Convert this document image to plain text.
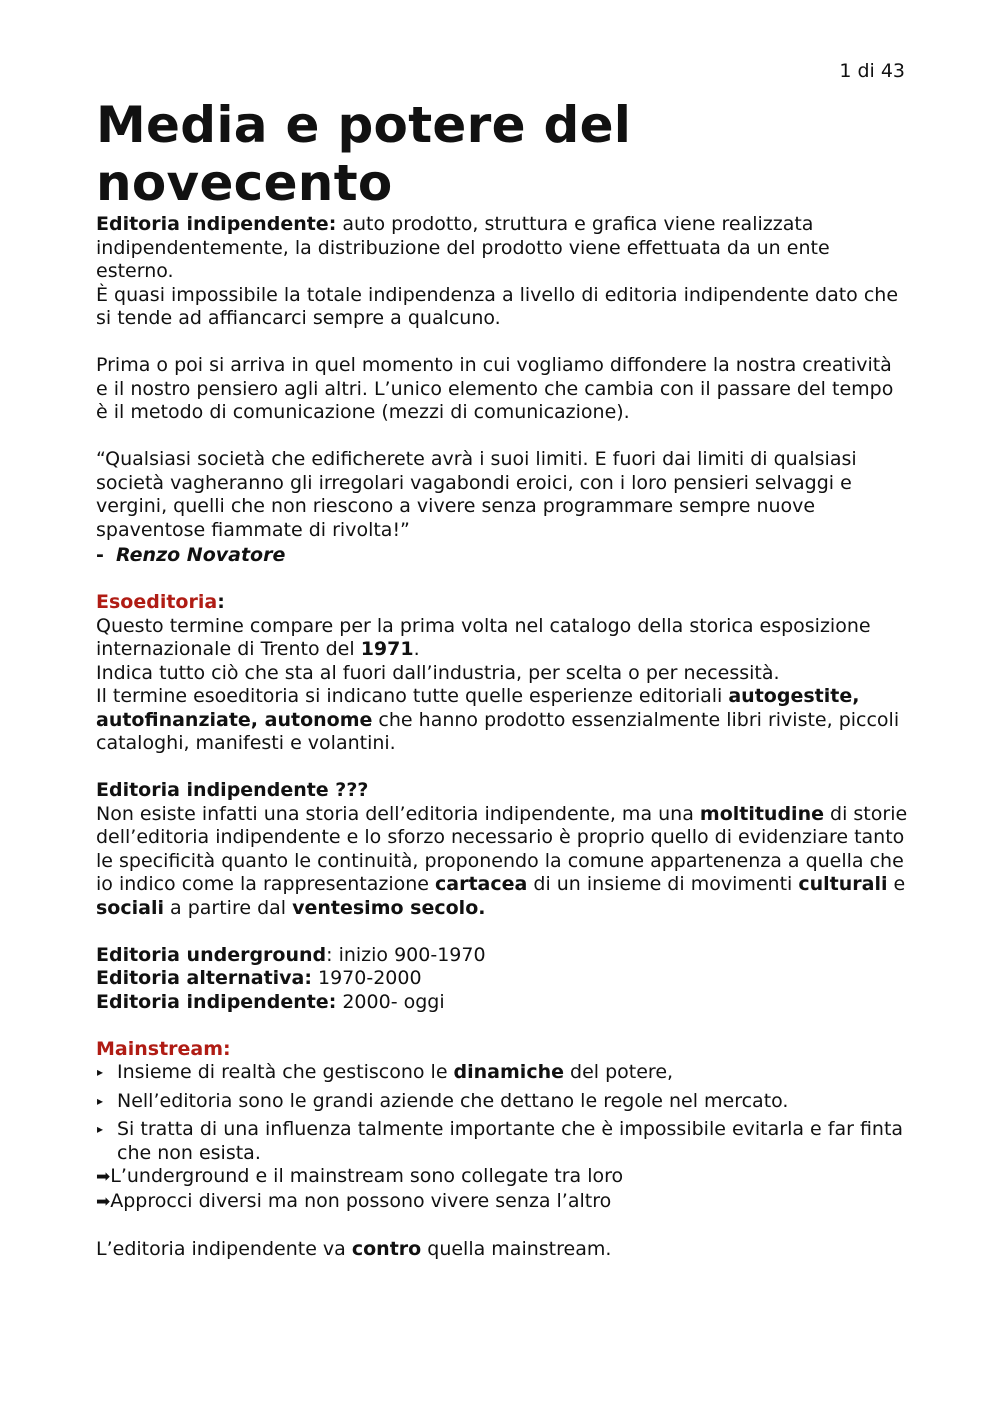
1 di 43
Media e potere del
novecento

Editoria indipendente: auto prodotto, struttura e grafica viene realizzata indipendentemente, la distribuzione del prodotto viene effettuata da un ente esterno.

È quasi impossibile la totale indipendenza a livello di editoria indipendente dato che si tende ad affiancarci sempre a qualcuno.

Prima o poi si arriva in quel momento in cui vogliamo diffondere la nostra creatività e il nostro pensiero agli altri. L’unico elemento che cambia con il passare del tempo è il metodo di comunicazione (mezzi di comunicazione).

“Qualsiasi società che edificherete avrà i suoi limiti. E fuori dai limiti di qualsiasi società vagheranno gli irregolari vagabondi eroici, con i loro pensieri selvaggi e vergini, quelli che non riescono a vivere senza programmare sempre nuove spaventose fiammate di rivolta!”

- Renzo Novatore

Esoeditoria:

Questo termine compare per la prima volta nel catalogo della storica esposizione internazionale di Trento del 1971.

Indica tutto ciò che sta al fuori dall’industria, per scelta o per necessità.

Il termine esoeditoria si indicano tutte quelle esperienze editoriali autogestite, autofinanziate, autonome che hanno prodotto essenzialmente libri riviste, piccoli cataloghi, manifesti e volantini.

Editoria indipendente ???

Non esiste infatti una storia dell’editoria indipendente, ma una moltitudine di storie dell’editoria indipendente e lo sforzo necessario è proprio quello di evidenziare tanto le specificità quanto le continuità, proponendo la comune appartenenza a quella che io indico come la rappresentazione cartacea di un insieme di movimenti culturali e sociali a partire dal ventesimo secolo.

Editoria underground: inizio 900-1970

Editoria alternativa: 1970-2000

Editoria indipendente: 2000- oggi

Mainstream:

▸ Insieme di realtà che gestiscono le dinamiche del potere,
▸ Nell’editoria sono le grandi aziende che dettano le regole nel mercato.
▸ Si tratta di una influenza talmente importante che è impossibile evitarla e far finta che non esista.

➡L’underground e il mainstream sono collegate tra loro

➡Approcci diversi ma non possono vivere senza l’altro

L’editoria indipendente va contro quella mainstream.
